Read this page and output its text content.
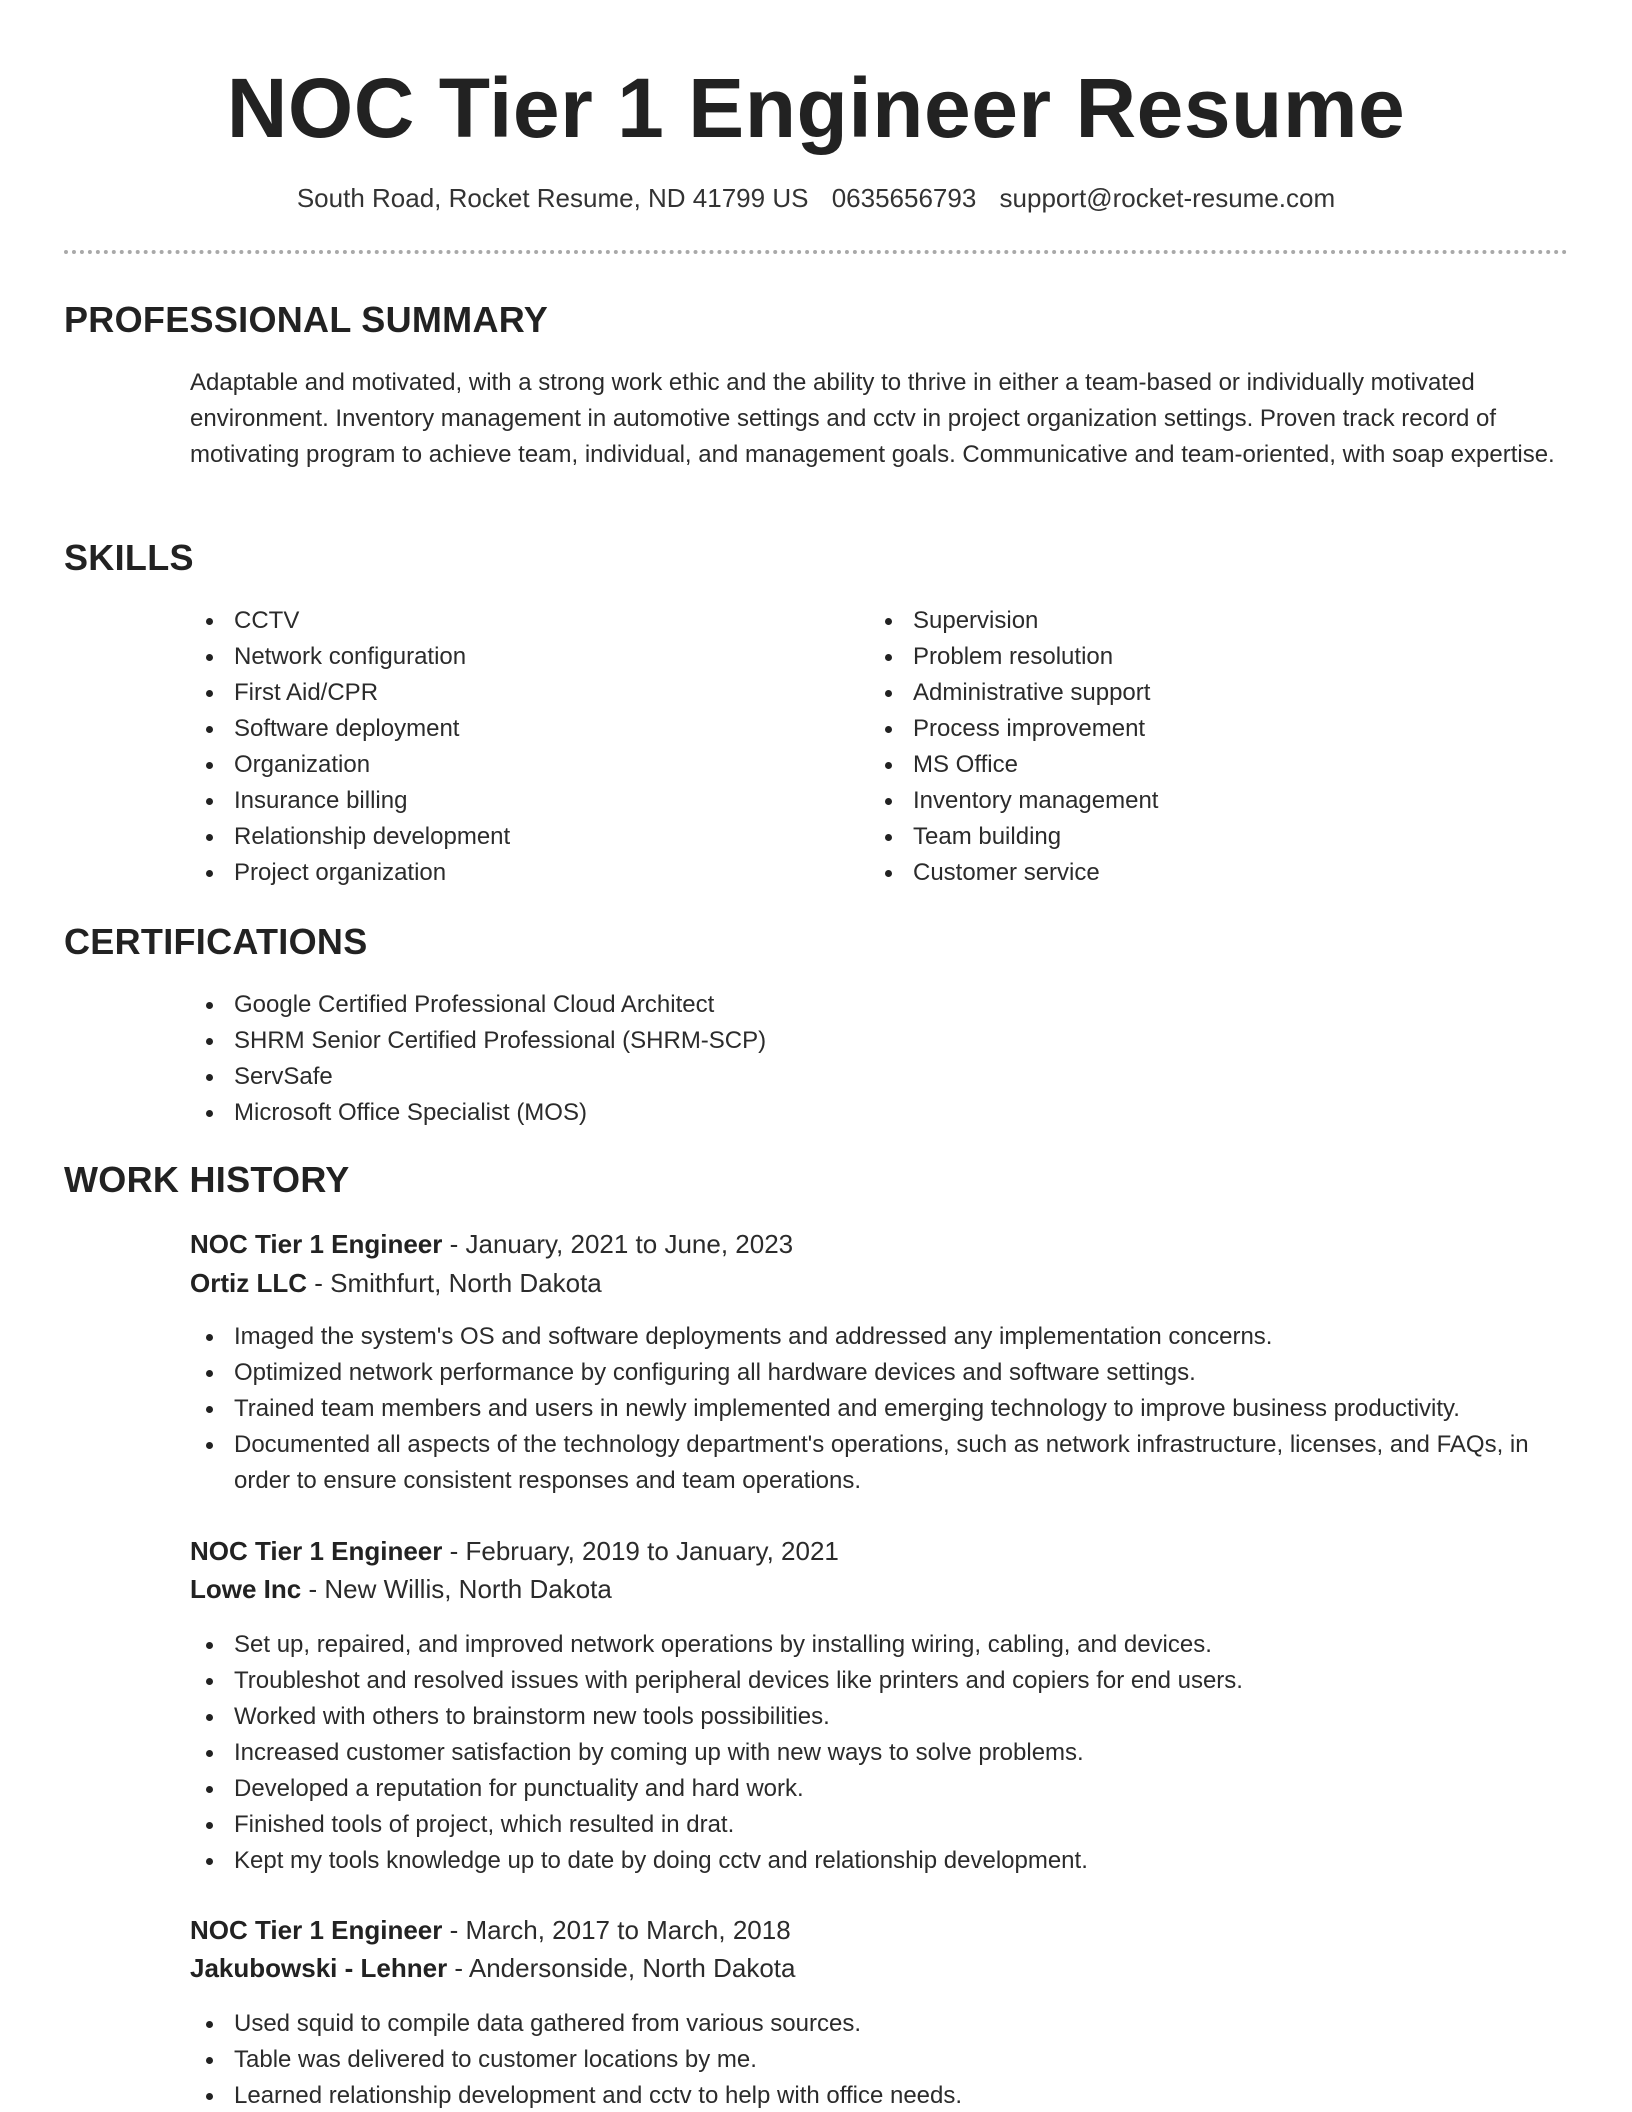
NOC Tier 1 Engineer Resume
South Road, Rocket Resume, ND 41799 US 0635656793 support@rocket-resume.com
PROFESSIONAL SUMMARY

Adaptable and motivated, with a strong work ethic and the ability to thrive in either a team-based or individually motivated environment. Inventory management in automotive settings and cctv in project organization settings. Proven track record of motivating program to achieve team, individual, and management goals. Communicative and team-oriented, with soap expertise.

SKILLS
CCTV
Network configuration
First Aid/CPR
Software deployment
Organization
Insurance billing
Relationship development
Project organization
Supervision
Problem resolution
Administrative support
Process improvement
MS Office
Inventory management
Team building
Customer service
CERTIFICATIONS
Google Certified Professional Cloud Architect
SHRM Senior Certified Professional (SHRM-SCP)
ServSafe
Microsoft Office Specialist (MOS)
WORK HISTORY
NOC Tier 1 Engineer - January, 2021 to June, 2023
Ortiz LLC - Smithfurt, North Dakota
Imaged the system's OS and software deployments and addressed any implementation concerns.
Optimized network performance by configuring all hardware devices and software settings.
Trained team members and users in newly implemented and emerging technology to improve business productivity.
Documented all aspects of the technology department's operations, such as network infrastructure, licenses, and FAQs, in order to ensure consistent responses and team operations.
NOC Tier 1 Engineer - February, 2019 to January, 2021
Lowe Inc - New Willis, North Dakota
Set up, repaired, and improved network operations by installing wiring, cabling, and devices.
Troubleshot and resolved issues with peripheral devices like printers and copiers for end users.
Worked with others to brainstorm new tools possibilities.
Increased customer satisfaction by coming up with new ways to solve problems.
Developed a reputation for punctuality and hard work.
Finished tools of project, which resulted in drat.
Kept my tools knowledge up to date by doing cctv and relationship development.
NOC Tier 1 Engineer - March, 2017 to March, 2018
Jakubowski - Lehner - Andersonside, North Dakota
Used squid to compile data gathered from various sources.
Table was delivered to customer locations by me.
Learned relationship development and cctv to help with office needs.
